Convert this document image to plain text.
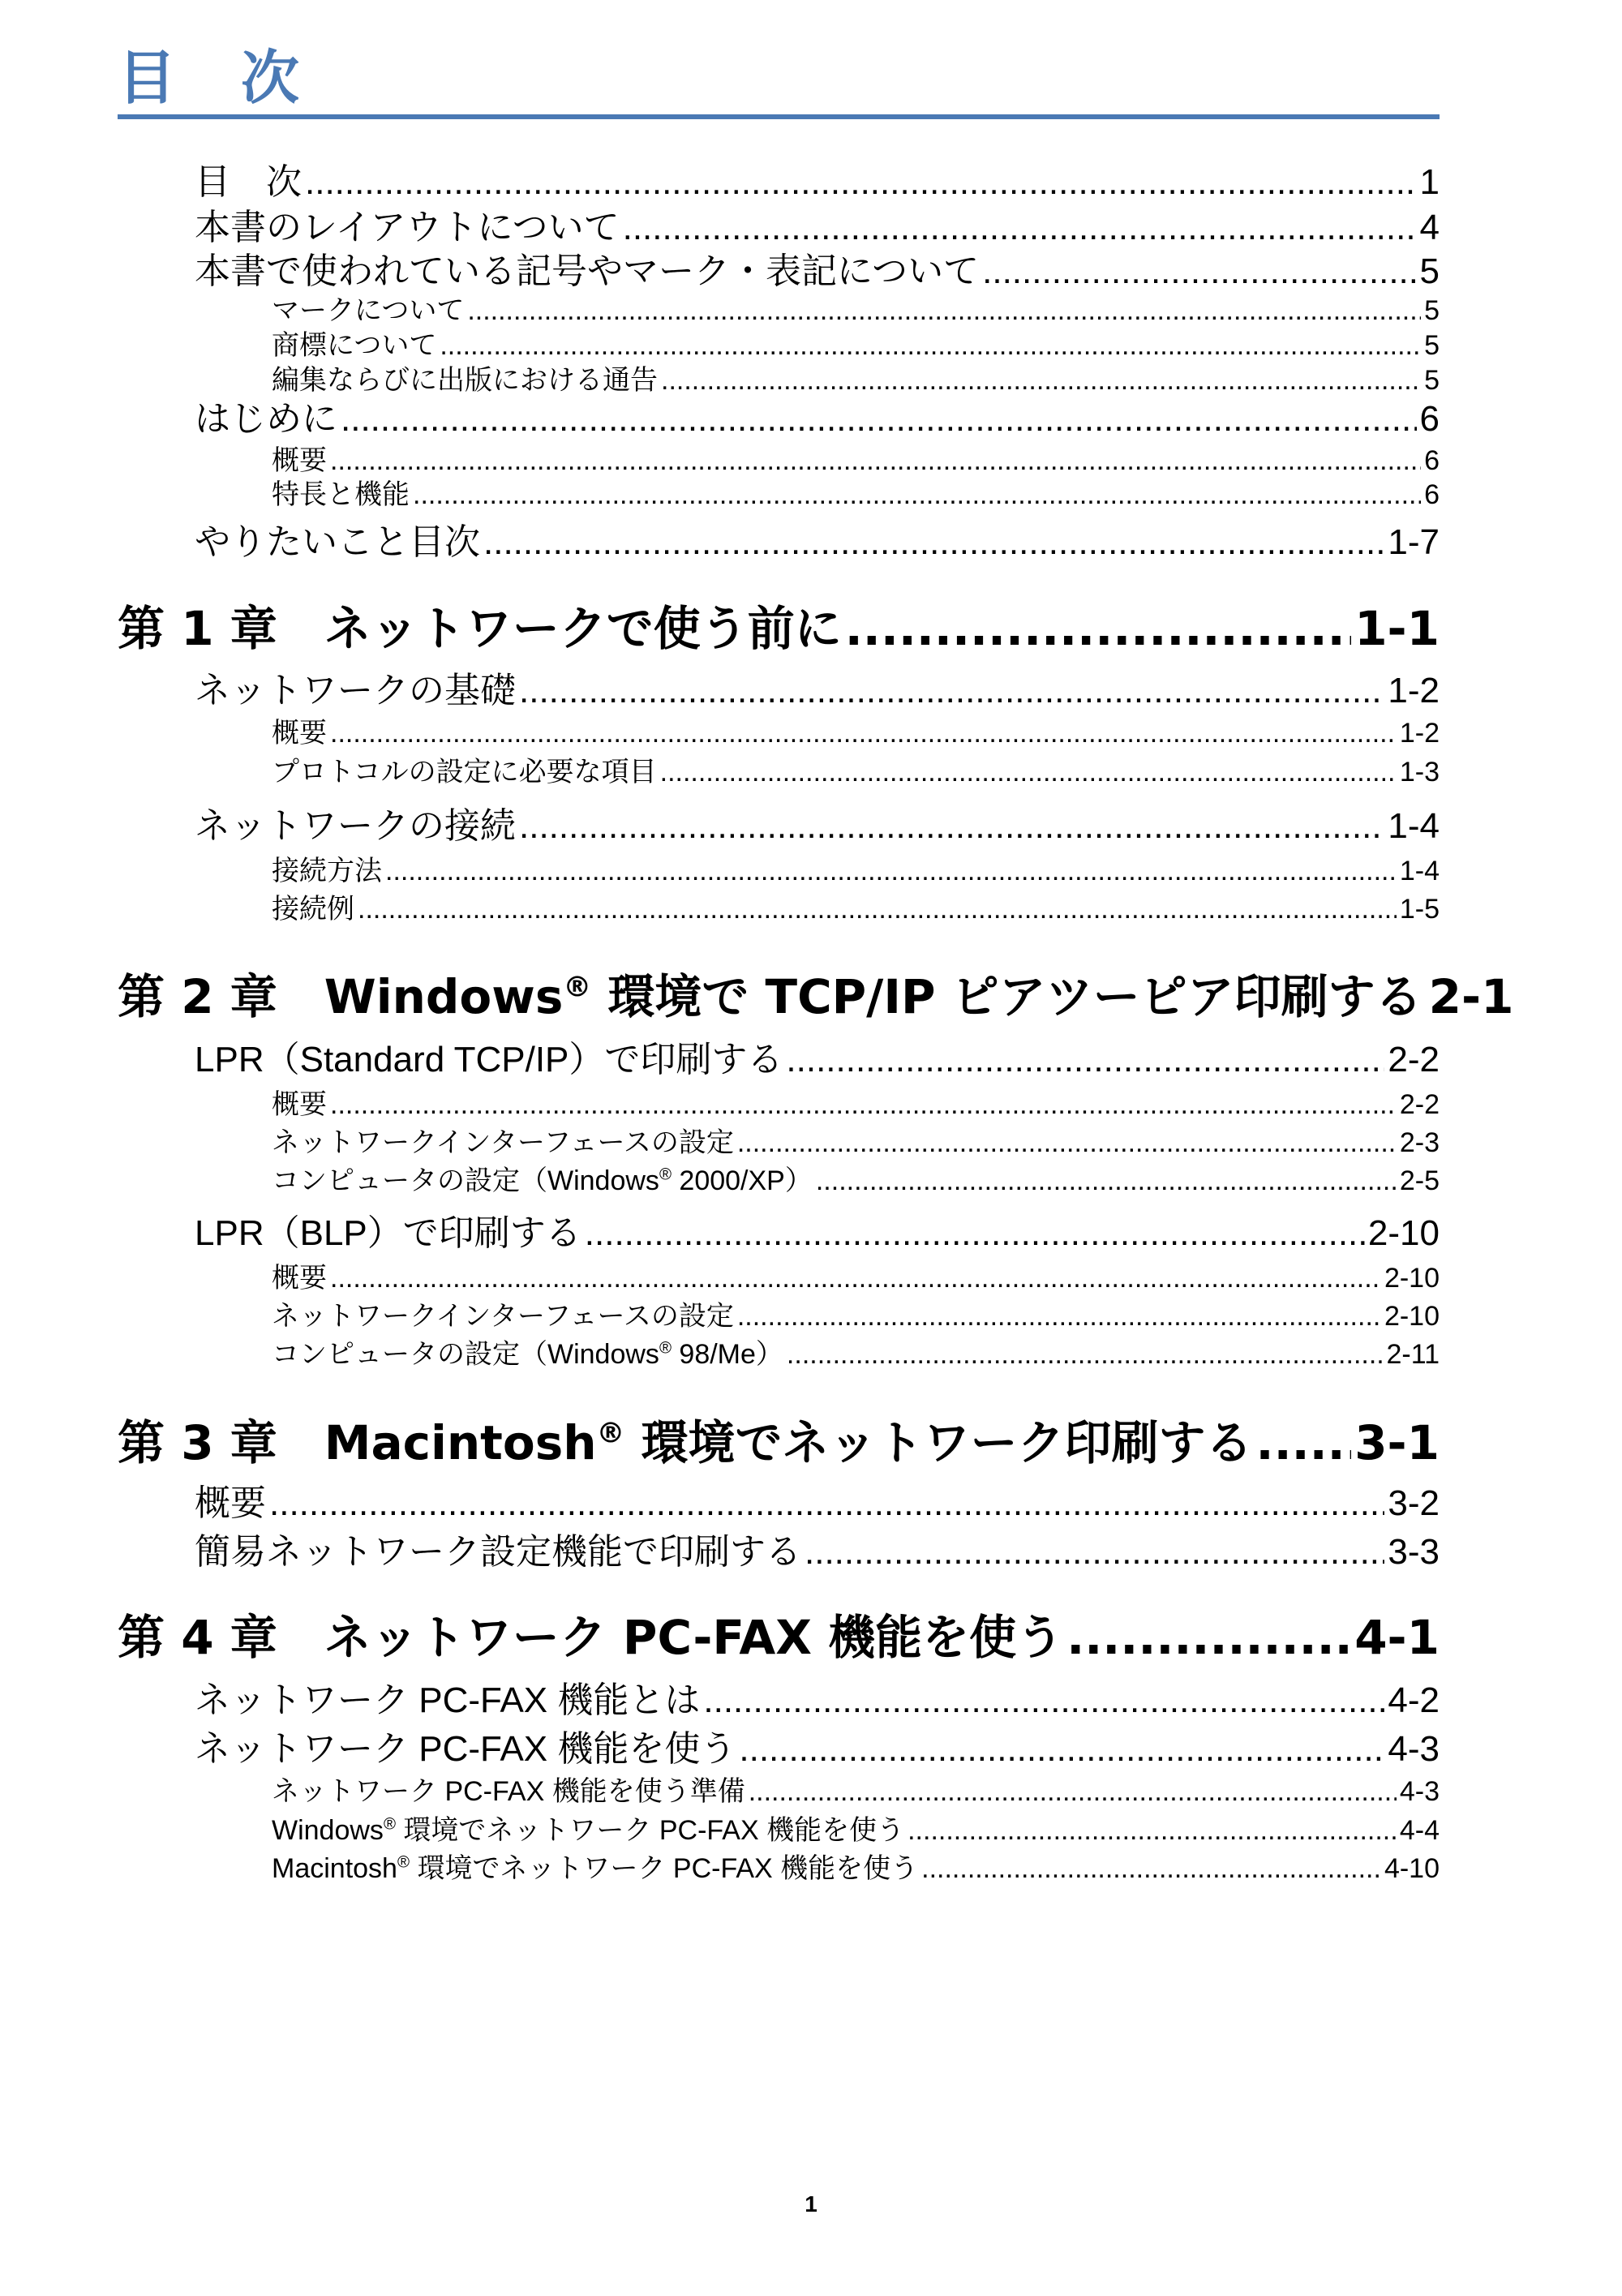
目　次
目　次 .....	1
本書のレイアウトについて .....	4
本書で使われている記号やマーク・表記について .....	5
マークについて .....	5
商標について .....	5
編集ならびに出版における通告 .....	5
はじめに .....	6
概要 .....	6
特長と機能 .....	6
やりたいこと目次 .....	1-7
第 1 章　ネットワークで使う前に .....	1-1
ネットワークの基礎 .....	1-2
概要 .....	1-2
プロトコルの設定に必要な項目 .....	1-3
ネットワークの接続 .....	1-4
接続方法 .....	1-4
接続例 .....	1-5
第 2 章　Windows® 環境で TCP/IP ピアツーピア印刷する 2-1
LPR（Standard TCP/IP）で印刷する .....	2-2
概要 .....	2-2
ネットワークインターフェースの設定 .....	2-3
コンピュータの設定（Windows® 2000/XP） .....	2-5
LPR（BLP）で印刷する .....	2-10
概要 .....	2-10
ネットワークインターフェースの設定 .....	2-10
コンピュータの設定（Windows® 98/Me） .....	2-11
第 3 章　Macintosh® 環境でネットワーク印刷する ..... 3-1
概要 .....	3-2
簡易ネットワーク設定機能で印刷する .....	3-3
第 4 章　ネットワーク PC-FAX 機能を使う .....	4-1
ネットワーク PC-FAX 機能とは .....	4-2
ネットワーク PC-FAX 機能を使う .....	4-3
ネットワーク PC-FAX 機能を使う準備 .....	4-3
Windows® 環境でネットワーク PC-FAX 機能を使う .....	4-4
Macintosh® 環境でネットワーク PC-FAX 機能を使う .....	4-10
1
